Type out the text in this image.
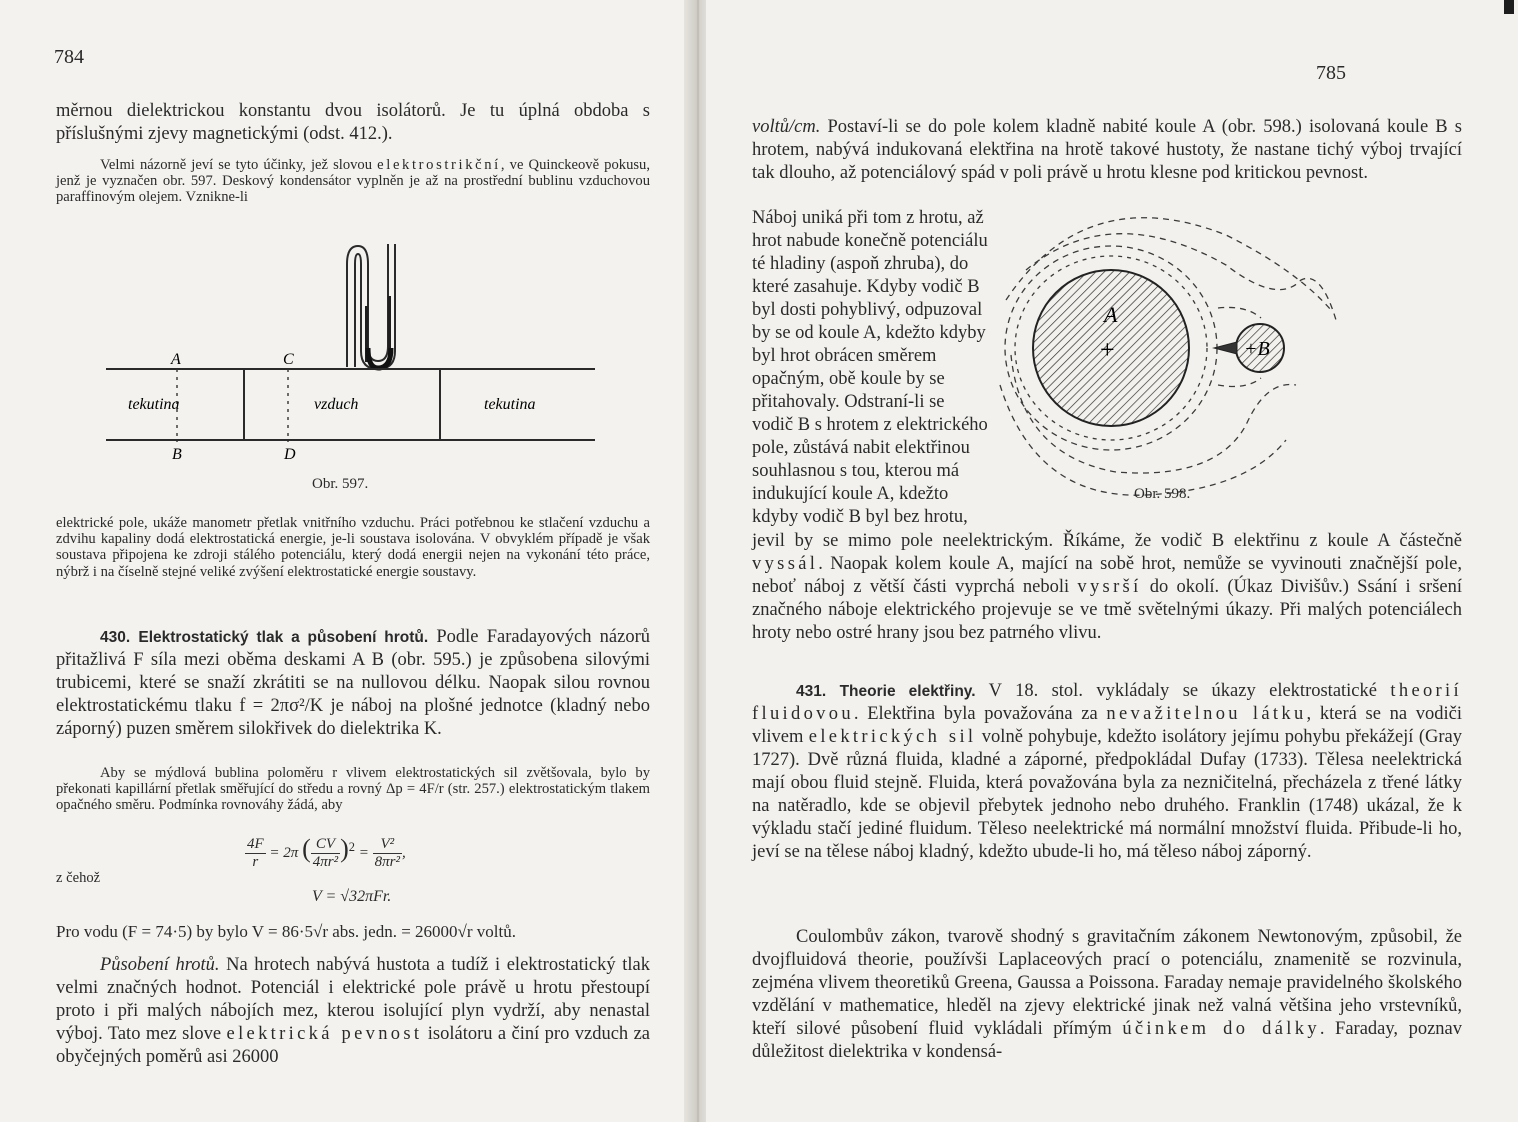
784

měrnou dielektrickou konstantu dvou isolátorů. Je tu úplná obdoba s příslušnými zjevy magnetickými (odst. 412.).

Velmi názorně jeví se tyto účinky, jež slovou elektrostrikční, ve Quinckeově pokusu, jenž je vyznačen obr. 597. Deskový kondensátor vyplněn je až na prostřední bublinu vzduchovou paraffinovým olejem. Vznikne-li

A	C
B	D
tekutina	vzduch	tekutina
Obr. 597.

elektrické pole, ukáže manometr přetlak vnitřního vzduchu. Práci potřebnou ke stlačení vzduchu a zdvihu kapaliny dodá elektrostatická energie, je-li soustava isolována. V obvyklém případě je však soustava připojena ke zdroji stálého potenciálu, který dodá energii nejen na vykonání této práce, nýbrž i na číselně stejné veliké zvýšení elektrostatické energie soustavy.

430. Elektrostatický tlak a působení hrotů. Podle Faradayových názorů přitažlivá F síla mezi oběma deskami A B (obr. 595.) je způsobena silovými trubicemi, které se snaží zkrátiti se na nullovou délku. Naopak silou rovnou elektrostatickému tlaku f = 2πσ²/K je náboj na plošné jednotce (kladný nebo záporný) puzen směrem silokřivek do dielektrika K.

Aby se mýdlová bublina poloměru r vlivem elektrostatických sil zvětšovala, bylo by překonati kapillární přetlak směřující do středu a rovný Δp = 4F/r (str. 257.) elektrostatickým tlakem opačného směru. Podmínka rovnováhy žádá, aby

$\frac{4F}{r} = 2\pi$ ( $\frac{CV}{\text{4πr²}} )^2 = \frac{\text{V²}}{\text{8πr²}}$ ,
z čehož
V = √32πFr.

Pro vodu (F = 74·5) by bylo V = 86·5√r abs. jedn. = 26000√r voltů.

Působení hrotů. Na hrotech nabývá hustota a tudíž i elektrostatický tlak velmi značných hodnot. Potenciál i elektrické pole právě u hrotu přestoupí proto i při malých nábojích mez, kterou isolující plyn vydrží, aby nenastal výboj. Tato mez slove elektrická pevnost isolátoru a činí pro vzduch za obyčejných poměrů asi 26000

785

voltů/cm. Postaví-li se do pole kolem kladně nabité koule A (obr. 598.) isolovaná koule B s hrotem, nabývá indukovaná elektřina na hrotě takové hustoty, že nastane tichý výboj trvající tak dlouho, až potenciálový spád v poli právě u hrotu klesne pod kritickou pevnost.

Náboj uniká při tom z hrotu, až hrot nabude konečně potenciálu té hladiny (aspoň zhruba), do které zasahuje. Kdyby vodič B byl dosti pohyblivý, odpuzoval by se od koule A, kdežto kdyby byl hrot obrácen směrem opačným, obě koule by se přitahovaly. Odstraní-li se vodič B s hrotem z elektrického pole, zůstává nabit elektřinou souhlasnou s tou, kterou má indukující koule A, kdežto kdyby vodič B byl bez hrotu,

A
+	+B
Obr. 598.

jevil by se mimo pole neelektrickým. Říkáme, že vodič B elektřinu z koule A částečně vyssál. Naopak kolem koule A, mající na sobě hrot, nemůže se vyvinouti značnější pole, neboť náboj z větší části vyprchá neboli vysrší do okolí. (Úkaz Divišův.) Ssání i sršení značného náboje elektrického projevuje se ve tmě světelnými úkazy. Při malých potenciálech hroty nebo ostré hrany jsou bez patrného vlivu.

431. Theorie elektřiny. V 18. stol. vykládaly se úkazy elektrostatické theorií fluidovou. Elektřina byla považována za nevažitelnou látku, která se na vodiči vlivem elektrických sil volně pohybuje, kdežto isolátory jejímu pohybu překážejí (Gray 1727). Dvě různá fluida, kladné a záporné, předpokládal Dufay (1733). Tělesa neelektrická mají obou fluid stejně. Fluida, která považována byla za nezničitelná, přecházela z třené látky na natěradlo, kde se objevil přebytek jednoho nebo druhého. Franklin (1748) ukázal, že k výkladu stačí jediné fluidum. Těleso neelektrické má normální množství fluida. Přibude-li ho, jeví se na tělese náboj kladný, kdežto ubude-li ho, má těleso náboj záporný.

Coulombův zákon, tvarově shodný s gravitačním zákonem Newtonovým, způsobil, že dvojfluidová theorie, používši Laplaceových prací o potenciálu, znamenitě se rozvinula, zejména vlivem theoretiků Greena, Gaussa a Poissona. Faraday nemaje pravidelného školského vzdělání v mathematice, hleděl na zjevy elektrické jinak než valná většina jeho vrstevníků, kteří silové působení fluid vykládali přímým účinkem do dálky. Faraday, poznav důležitost dielektrika v kondensá-
